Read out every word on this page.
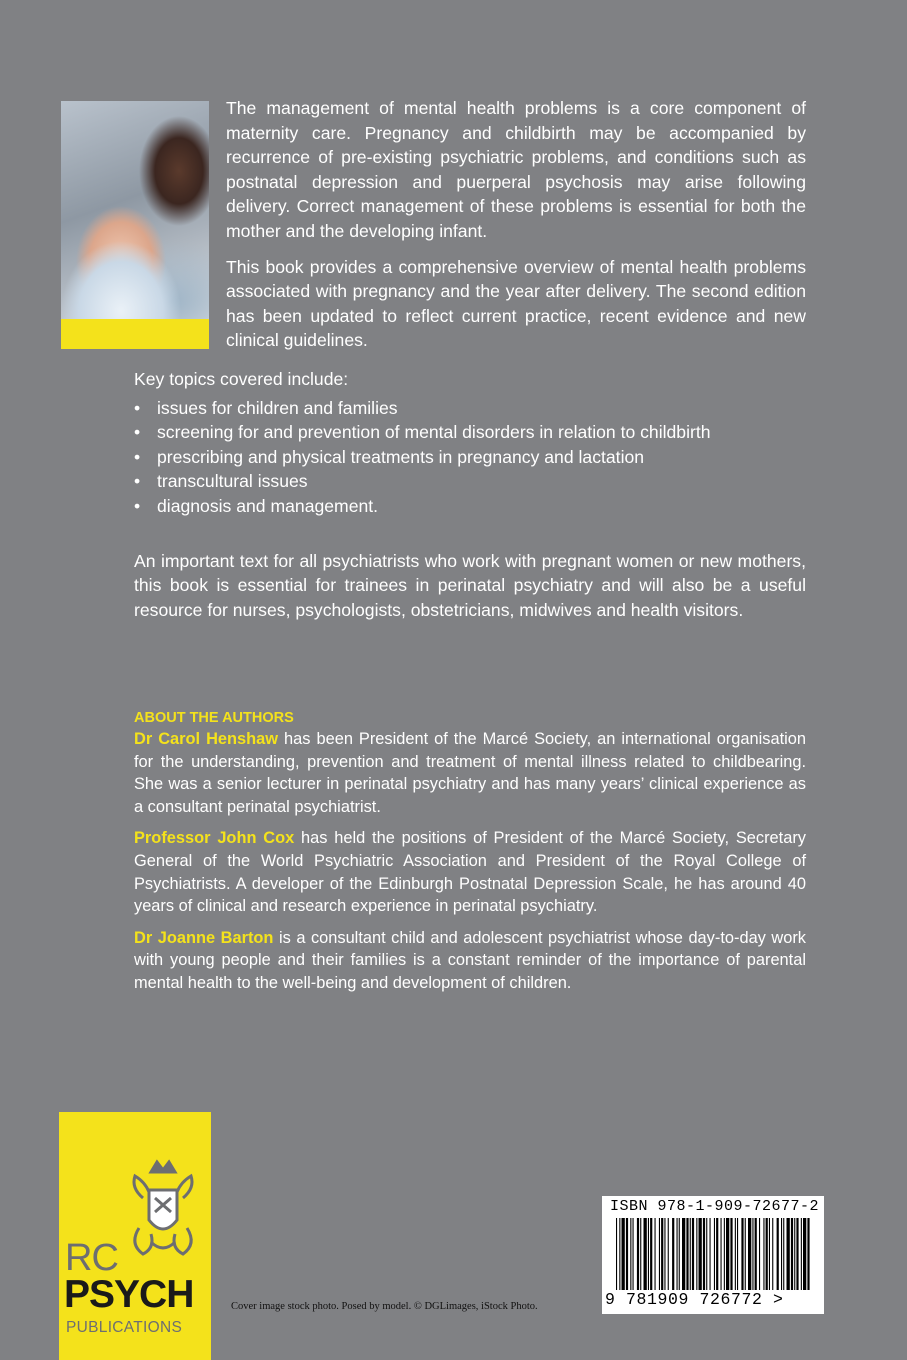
The management of mental health problems is a core component of maternity care. Pregnancy and childbirth may be accompanied by recurrence of pre-existing psychiatric problems, and conditions such as postnatal depression and puerperal psychosis may arise following delivery. Correct management of these problems is essential for both the mother and the developing infant.

This book provides a comprehensive overview of mental health problems associated with pregnancy and the year after delivery. The second edition has been updated to reflect current practice, recent evidence and new clinical guidelines.

Key topics covered include:

• issues for children and families
• screening for and prevention of mental disorders in relation to childbirth
• prescribing and physical treatments in pregnancy and lactation
• transcultural issues
• diagnosis and management.

An important text for all psychiatrists who work with pregnant women or new mothers, this book is essential for trainees in perinatal psychiatry and will also be a useful resource for nurses, psychologists, obstetricians, midwives and health visitors.

ABOUT THE AUTHORS

Dr Carol Henshaw has been President of the Marcé Society, an international organisation for the understanding, prevention and treatment of mental illness related to childbearing. She was a senior lecturer in perinatal psychiatry and has many years’ clinical experience as a consultant perinatal psychiatrist.

Professor John Cox has held the positions of President of the Marcé Society, Secretary General of the World Psychiatric Association and President of the Royal College of Psychiatrists. A developer of the Edinburgh Postnatal Depression Scale, he has around 40 years of clinical and research experience in perinatal psychiatry.

Dr Joanne Barton is a consultant child and adolescent psychiatrist whose day-to-day work with young people and their families is a constant reminder of the importance of parental mental health to the well-being and development of children.

RC
PSYCH
PUBLICATIONS
Cover image stock photo. Posed by model. © DGLimages, iStock Photo.
ISBN 978-1-909-72677-2
9 781909 726772 >
